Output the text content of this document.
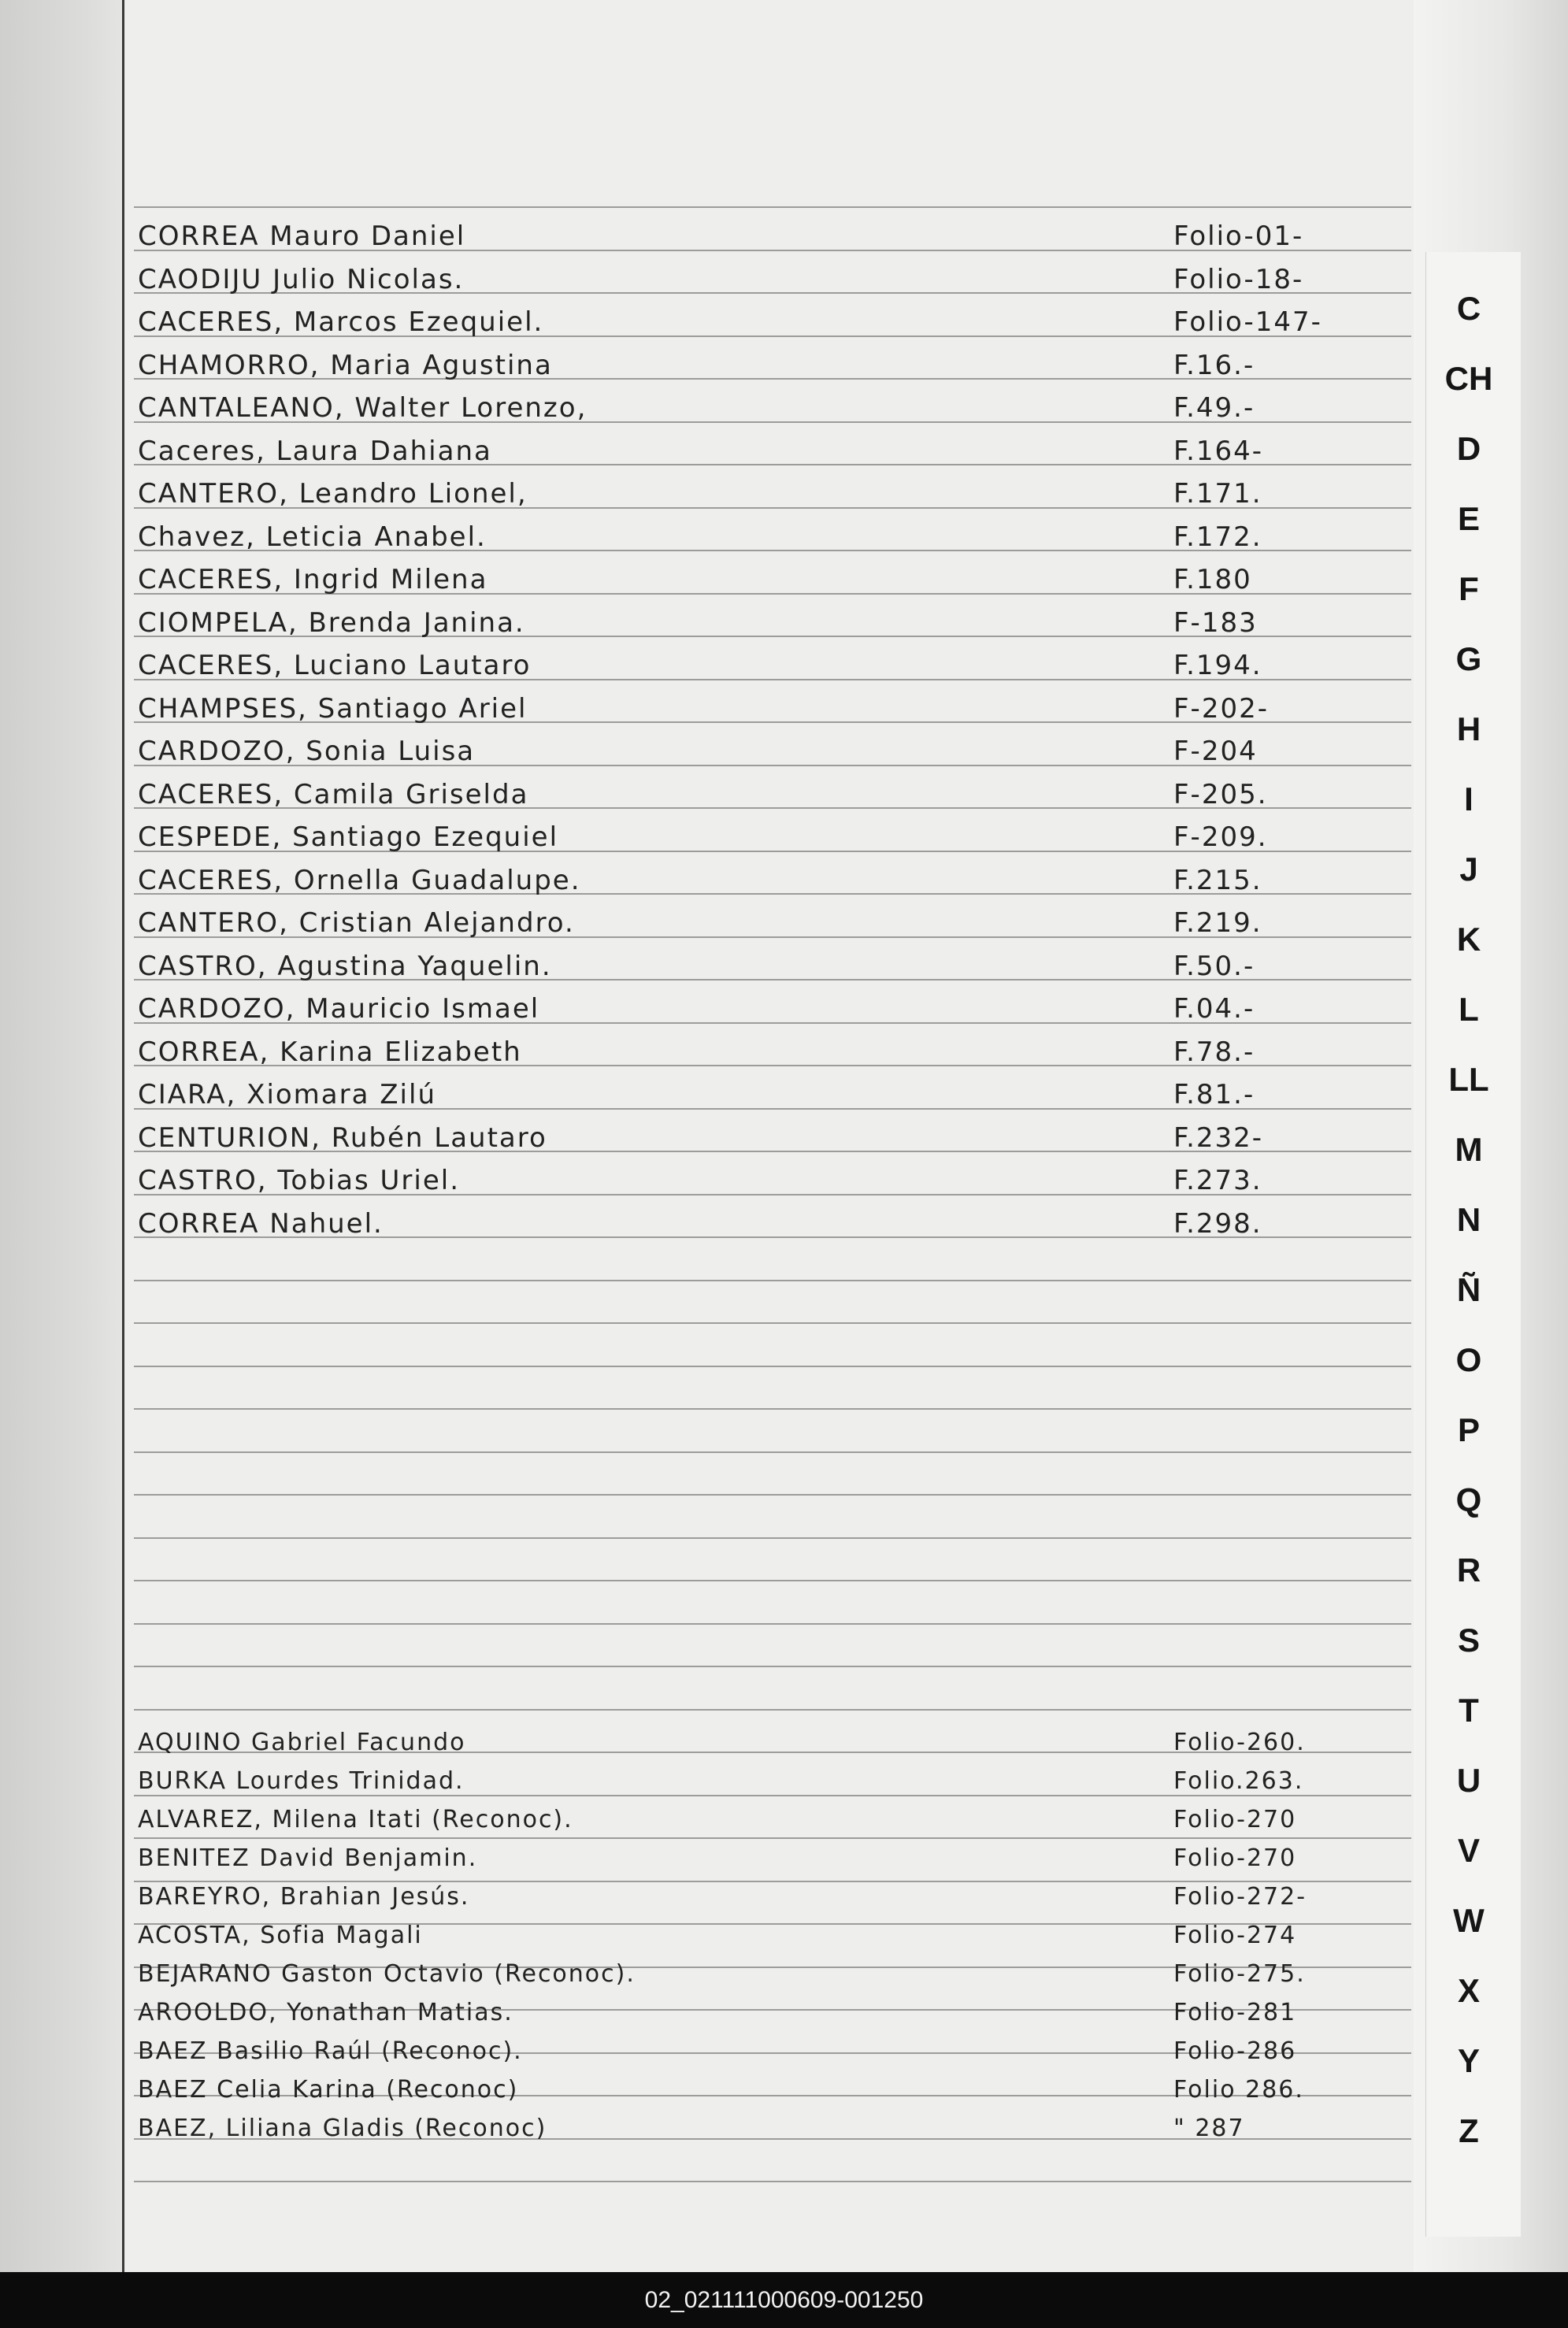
C
CH
D
E
F
G
H
I
J
K
L
LL
M
N
Ñ
O
P
Q
R
S
T
U
V
W
X
Y
Z
CORREA Mauro Daniel	Folio-01-
CAODIJU Julio Nicolas.	Folio-18-
CACERES, Marcos Ezequiel.	Folio-147-
CHAMORRO, Maria Agustina	F.16.-
CANTALEANO, Walter Lorenzo,	F.49.-
Caceres, Laura Dahiana	F.164-
CANTERO, Leandro Lionel,	F.171.
Chavez, Leticia Anabel.	F.172.
CACERES, Ingrid Milena	F.180
CIOMPELA, Brenda Janina.	F-183
CACERES, Luciano Lautaro	F.194.
CHAMPSES, Santiago Ariel	F-202-
CARDOZO, Sonia Luisa	F-204
CACERES, Camila Griselda	F-205.
CESPEDE, Santiago Ezequiel	F-209.
CACERES, Ornella Guadalupe.	F.215.
CANTERO, Cristian Alejandro.	F.219.
CASTRO, Agustina Yaquelin.	F.50.-
CARDOZO, Mauricio Ismael	F.04.-
CORREA, Karina Elizabeth	F.78.-
CIARA, Xiomara Zilú	F.81.-
CENTURION, Rubén Lautaro	F.232-
CASTRO, Tobias Uriel.	F.273.
CORREA Nahuel.	F.298.
AQUINO Gabriel Facundo	Folio-260.
BURKA Lourdes Trinidad.	Folio.263.
ALVAREZ, Milena Itati (Reconoc).	Folio-270
BENITEZ David Benjamin.	Folio-270
BAREYRO, Brahian Jesús.	Folio-272-
ACOSTA, Sofia Magali	Folio-274
BEJARANO Gaston Octavio (Reconoc).	Folio-275.
AROOLDO, Yonathan Matias.	Folio-281
BAEZ Basilio Raúl (Reconoc).	Folio-286
BAEZ Celia Karina (Reconoc)	Folio 286.
BAEZ, Liliana Gladis (Reconoc)	" 287
02_021111000609-001250
